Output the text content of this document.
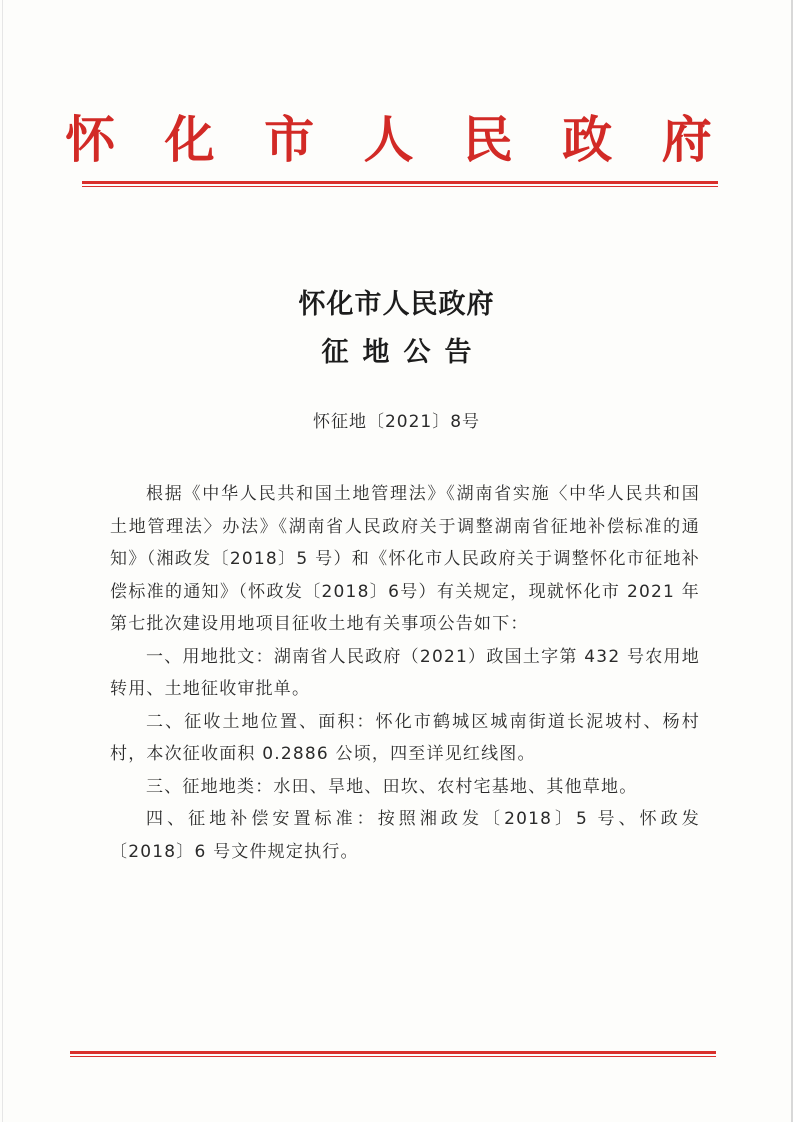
怀 化 市 人 民 政 府
怀化市人民政府
征地公告
怀征地〔2021〕8号

根据《中华人民共和国土地管理法》《湖南省实施〈中华人民共和国土地管理法〉办法》《湖南省人民政府关于调整湖南省征地补偿标准的通知》（湘政发〔2018〕5 号）和《怀化市人民政府关于调整怀化市征地补偿标准的通知》（怀政发〔2018〕6号）有关规定，现就怀化市 2021 年第七批次建设用地项目征收土地有关事项公告如下：

一、用地批文：湖南省人民政府（2021）政国土字第 432 号农用地转用、土地征收审批单。

二、征收土地位置、面积：怀化市鹤城区城南街道长泥坡村、杨村村，本次征收面积 0.2886 公顷，四至详见红线图。

三、征地地类：水田、旱地、田坎、农村宅基地、其他草地。

四、征地补偿安置标准：按照湘政发〔2018〕5 号、怀政发〔2018〕6 号文件规定执行。
